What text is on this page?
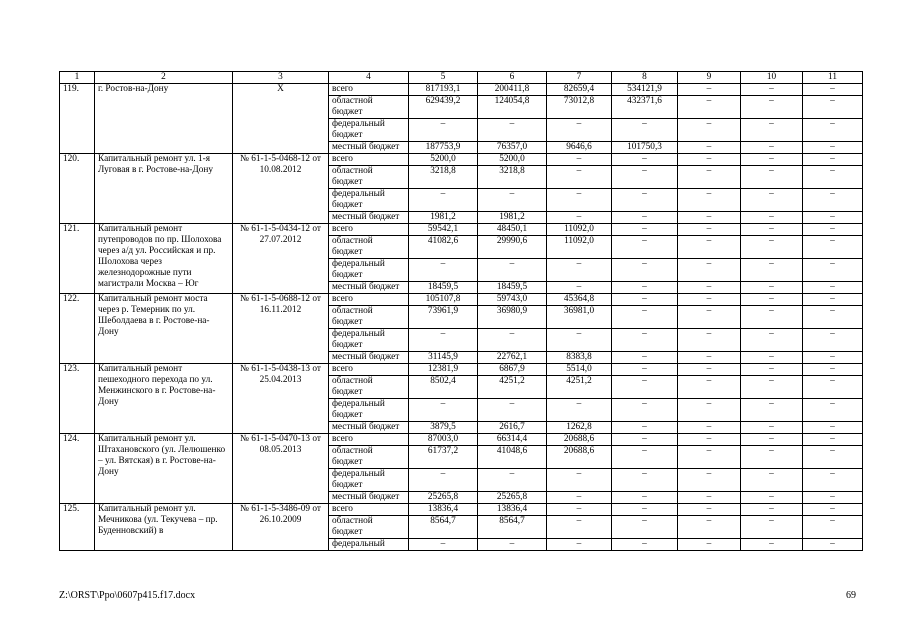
1	2	3	4	5	6	7	8	9	10	11
119.	г. Ростов-на-Дону	Х	всего	817193,1	200411,8	82659,4	534121,9	–	–	–
			областной бюджет	629439,2	124054,8	73012,8	432371,6	–	–	–
			федеральный бюджет	–	–	–	–	–	–	–
			местный бюджет	187753,9	76357,0	9646,6	101750,3	–	–	–
120.	Капитальный ремонт ул. 1-я Луговая в г. Ростове-на-Дону	№ 61-1-5-0468-12 от 10.08.2012	всего	5200,0	5200,0	–	–	–	–	–
			областной бюджет	3218,8	3218,8	–	–	–	–	–
			федеральный бюджет	–	–	–	–	–	–	–
			местный бюджет	1981,2	1981,2	–	–	–	–	–
121.	Капитальный ремонт путепроводов по пр. Шолохова через а/д ул. Российская и пр. Шолохова через железнодорожные пути магистрали Москва – Юг	№ 61-1-5-0434-12 от 27.07.2012	всего	59542,1	48450,1	11092,0	–	–	–	–
			областной бюджет	41082,6	29990,6	11092,0	–	–	–	–
			федеральный бюджет	–	–	–	–	–	–	–
			местный бюджет	18459,5	18459,5	–	–	–	–	–
122.	Капитальный ремонт моста через р. Темерник по ул. Шеболдаева в г. Ростове-на-Дону	№ 61-1-5-0688-12 от 16.11.2012	всего	105107,8	59743,0	45364,8	–	–	–	–
			областной бюджет	73961,9	36980,9	36981,0	–	–	–	–
			федеральный бюджет	–	–	–	–	–	–	–
			местный бюджет	31145,9	22762,1	8383,8	–	–	–	–
123.	Капитальный ремонт пешеходного перехода по ул. Менжинского в г. Ростове-на-Дону	№ 61-1-5-0438-13 от 25.04.2013	всего	12381,9	6867,9	5514,0	–	–	–	–
			областной бюджет	8502,4	4251,2	4251,2	–	–	–	–
			федеральный бюджет	–	–	–	–	–	–	–
			местный бюджет	3879,5	2616,7	1262,8	–	–	–	–
124.	Капитальный ремонт ул. Штахановского (ул. Лелюшенко – ул. Вятская) в г. Ростове-на-Дону	№ 61-1-5-0470-13 от 08.05.2013	всего	87003,0	66314,4	20688,6	–	–	–	–
			областной бюджет	61737,2	41048,6	20688,6	–	–	–	–
			федеральный бюджет	–	–	–	–	–	–	–
			местный бюджет	25265,8	25265,8	–	–	–	–	–
125.	Капитальный ремонт ул. Мечникова (ул. Текучева – пр. Буденновский) в	№ 61-1-5-3486-09 от 26.10.2009	всего	13836,4	13836,4	–	–	–	–	–
			областной бюджет	8564,7	8564,7	–	–	–	–	–
			федеральный	–	–	–	–	–	–	–
Z:\ORST\Ppo\0607p415.f17.docx	69
